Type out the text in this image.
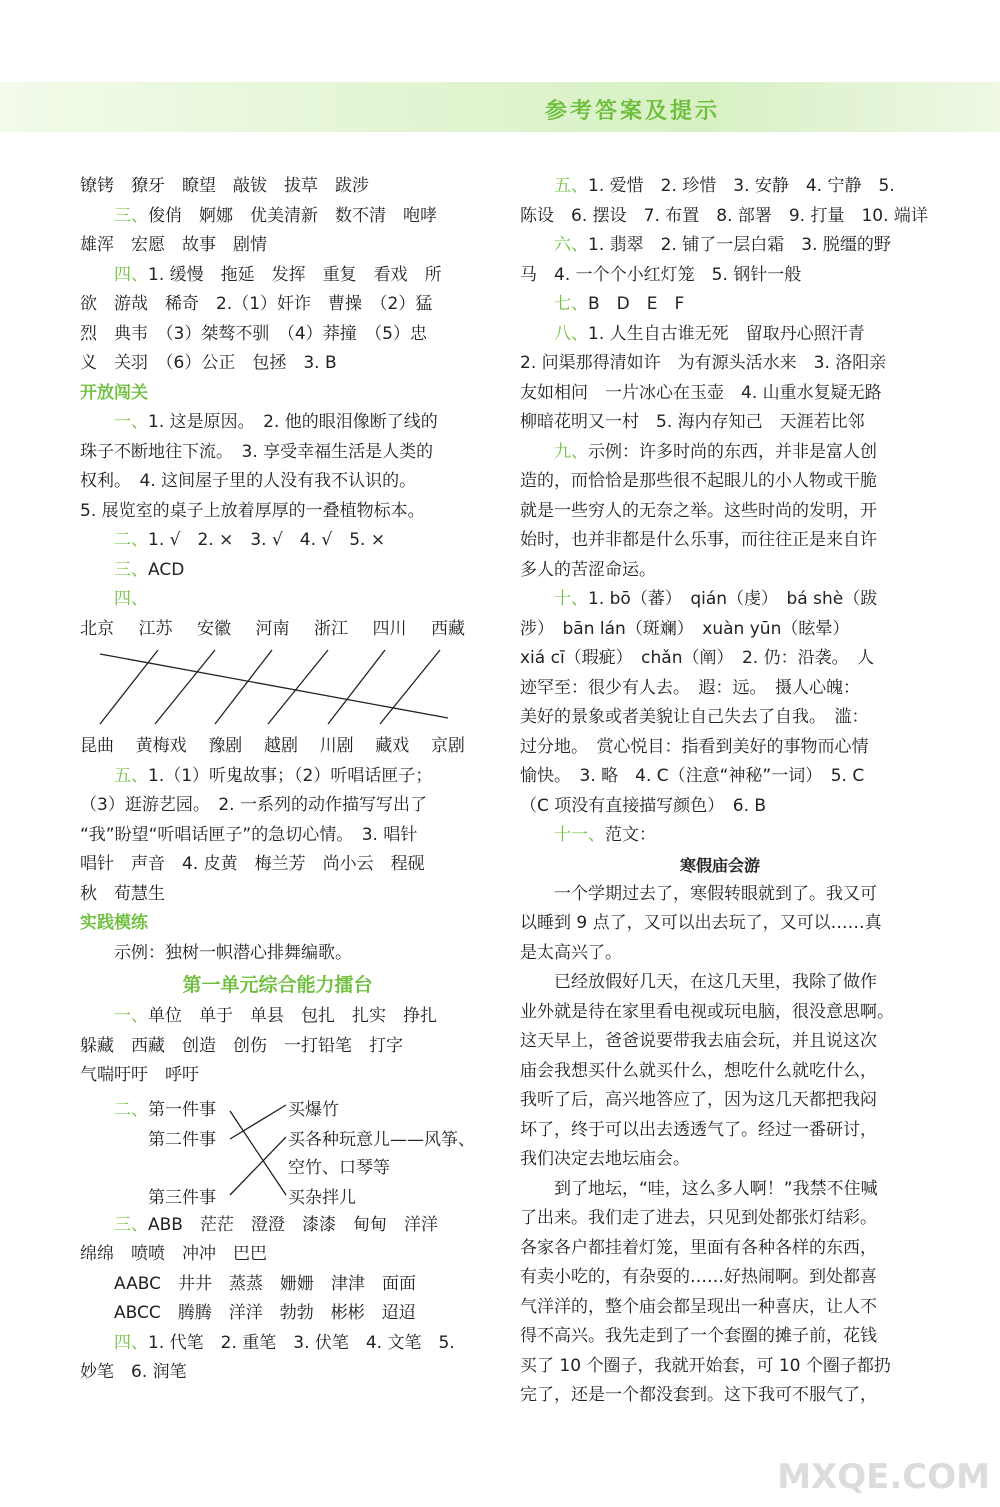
参考答案及提示
镣铐　獠牙　瞭望　敲钹　拔草　跋涉
三、俊俏　婀娜　优美清新　数不清　咆哮
雄浑　宏愿　故事　剧情
四、1. 缓慢　拖延　发挥　重复　看戏　所
欲　游哉　稀奇　2.（1）奸诈　曹操　（2）猛
烈　典韦　（3）桀骜不驯　（4）莽撞　（5）忠
义　关羽　（6）公正　包拯　3. B
开放闯关
一、1. 这是原因。　2. 他的眼泪像断了线的
珠子不断地往下流。　3. 享受幸福生活是人类的
权利。　4. 这间屋子里的人没有我不认识的。
5. 展览室的桌子上放着厚厚的一叠植物标本。
二、1. √　2. ×　3. √　4. √　5. ×
三、ACD
四、
北京 江苏 安徽 河南 浙江 四川 西藏
昆曲 黄梅戏 豫剧 越剧 川剧 藏戏 京剧
五、1.（1）听鬼故事；（2）听唱话匣子；
（3）逛游艺园。　2. 一系列的动作描写写出了
“我”盼望“听唱话匣子”的急切心情。　3. 唱针
唱针　声音　4. 皮黄　梅兰芳　尚小云　程砚
秋　荀慧生
实践模练
示例：独树一帜潜心排舞编歌。
第一单元综合能力擂台
一、单位　单于　单县　包扎　扎实　挣扎
躲藏　西藏　创造　创伤　一打铅笔　打字
气喘吁吁　呼吁
二、 第一件事
第二件事
第三件事
买爆竹
买各种玩意儿——风筝、
空竹、口琴等
买杂拌儿
三、ABB　茫茫　澄澄　漆漆　甸甸　洋洋
绵绵　喷喷　冲冲　巴巴
AABC　井井　蒸蒸　姗姗　津津　面面
ABCC　腾腾　洋洋　勃勃　彬彬　迢迢
四、1. 代笔　2. 重笔　3. 伏笔　4. 文笔　5.
妙笔　6. 润笔
五、1. 爱惜　2. 珍惜　3. 安静　4. 宁静　5.
陈设　6. 摆设　7. 布置　8. 部署　9. 打量　10. 端详
六、1. 翡翠　2. 铺了一层白霜　3. 脱缰的野
马　4. 一个个小红灯笼　5. 钢针一般
七、B　D　E　F
八、1. 人生自古谁无死　留取丹心照汗青
2. 问渠那得清如许　为有源头活水来　3. 洛阳亲
友如相问　一片冰心在玉壶　4. 山重水复疑无路
柳暗花明又一村　5. 海内存知己　天涯若比邻
九、示例：许多时尚的东西，并非是富人创
造的，而恰恰是那些很不起眼儿的小人物或干脆
就是一些穷人的无奈之举。这些时尚的发明，开
始时，也并非都是什么乐事，而往往正是来自许
多人的苦涩命运。
十、1. bō（蕃）　qián（虔）　bá shè（跋
涉）　bān lán（斑斓）　xuàn yūn（眩晕）
xiá cī（瑕疵）　chǎn（阐）　2. 仍：沿袭。　人
迹罕至：很少有人去。　遐：远。　摄人心魄：
美好的景象或者美貌让自己失去了自我。　滥：
过分地。　赏心悦目：指看到美好的事物而心情
愉快。　3. 略　4. C（注意“神秘”一词）　5. C
（C 项没有直接描写颜色）　6. B
十一、范文：
寒假庙会游
一个学期过去了，寒假转眼就到了。我又可
以睡到 9 点了，又可以出去玩了，又可以……真
是太高兴了。
已经放假好几天，在这几天里，我除了做作
业外就是待在家里看电视或玩电脑，很没意思啊。
这天早上，爸爸说要带我去庙会玩，并且说这次
庙会我想买什么就买什么，想吃什么就吃什么，
我听了后，高兴地答应了，因为这几天都把我闷
坏了，终于可以出去透透气了。经过一番研讨，
我们决定去地坛庙会。
到了地坛，“哇，这么多人啊！”我禁不住喊
了出来。我们走了进去，只见到处都张灯结彩。
各家各户都挂着灯笼，里面有各种各样的东西，
有卖小吃的，有杂耍的……好热闹啊。到处都喜
气洋洋的，整个庙会都呈现出一种喜庆，让人不
得不高兴。我先走到了一个套圈的摊子前，花钱
买了 10 个圈子，我就开始套，可 10 个圈子都扔
完了，还是一个都没套到。这下我可不服气了，
MXQE.COM
